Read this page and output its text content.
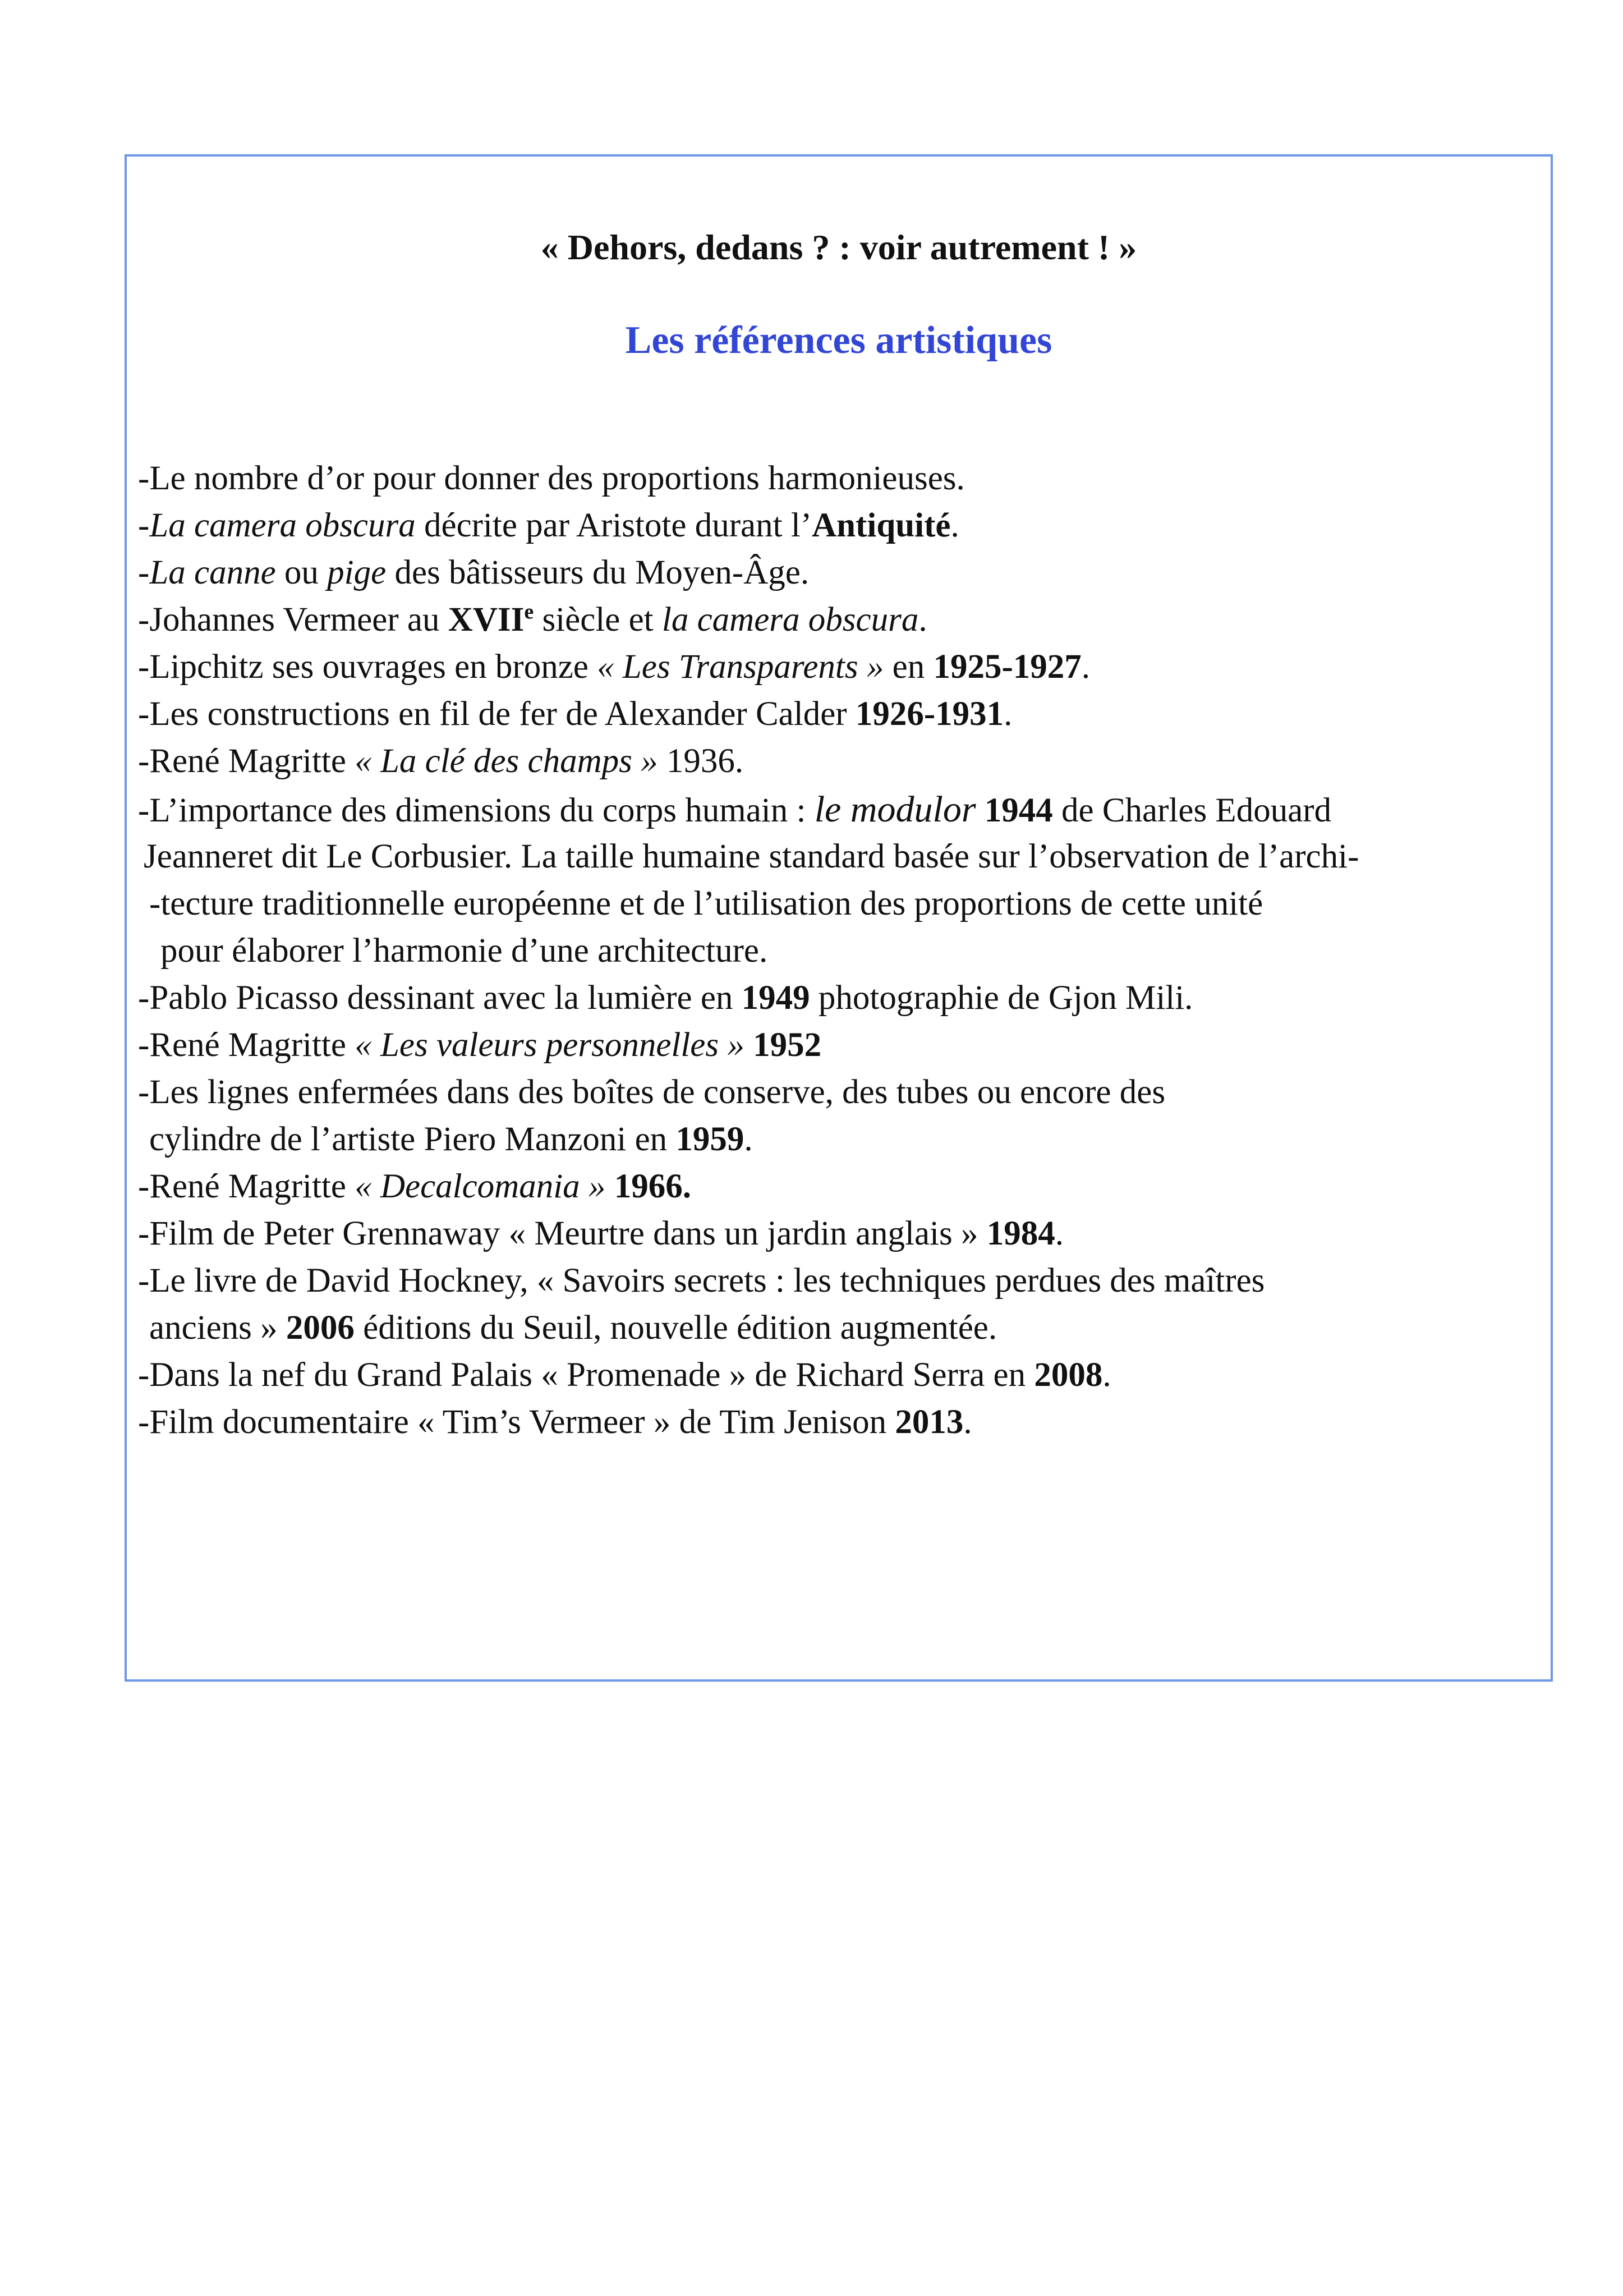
« Dehors, dedans ? : voir autrement ! »
Les références artistiques

-Le nombre d’or pour donner des proportions harmonieuses.

-La camera obscura décrite par Aristote durant l’Antiquité.

-La canne ou pige des bâtisseurs du Moyen-Âge.

-Johannes Vermeer au XVIIe siècle et la camera obscura.

-Lipchitz ses ouvrages en bronze « Les Transparents » en 1925-1927.

-Les constructions en fil de fer de Alexander Calder 1926-1931.

-René Magritte « La clé des champs » 1936.

-L’importance des dimensions du corps humain : le modulor 1944 de Charles Edouard

Jeanneret dit Le Corbusier. La taille humaine standard basée sur l’observation de l’archi-

-tecture traditionnelle européenne et de l’utilisation des proportions de cette unité

pour élaborer l’harmonie d’une architecture.

-Pablo Picasso dessinant avec la lumière en 1949 photographie de Gjon Mili.

-René Magritte « Les valeurs personnelles » 1952

-Les lignes enfermées dans des boîtes de conserve, des tubes ou encore des

cylindre de l’artiste Piero Manzoni en 1959.

-René Magritte « Decalcomania » 1966.

-Film de Peter Grennaway « Meurtre dans un jardin anglais » 1984.

-Le livre de David Hockney, « Savoirs secrets : les techniques perdues des maîtres

anciens » 2006 éditions du Seuil, nouvelle édition augmentée.

-Dans la nef du Grand Palais « Promenade » de Richard Serra en 2008.

-Film documentaire « Tim’s Vermeer » de Tim Jenison 2013.
